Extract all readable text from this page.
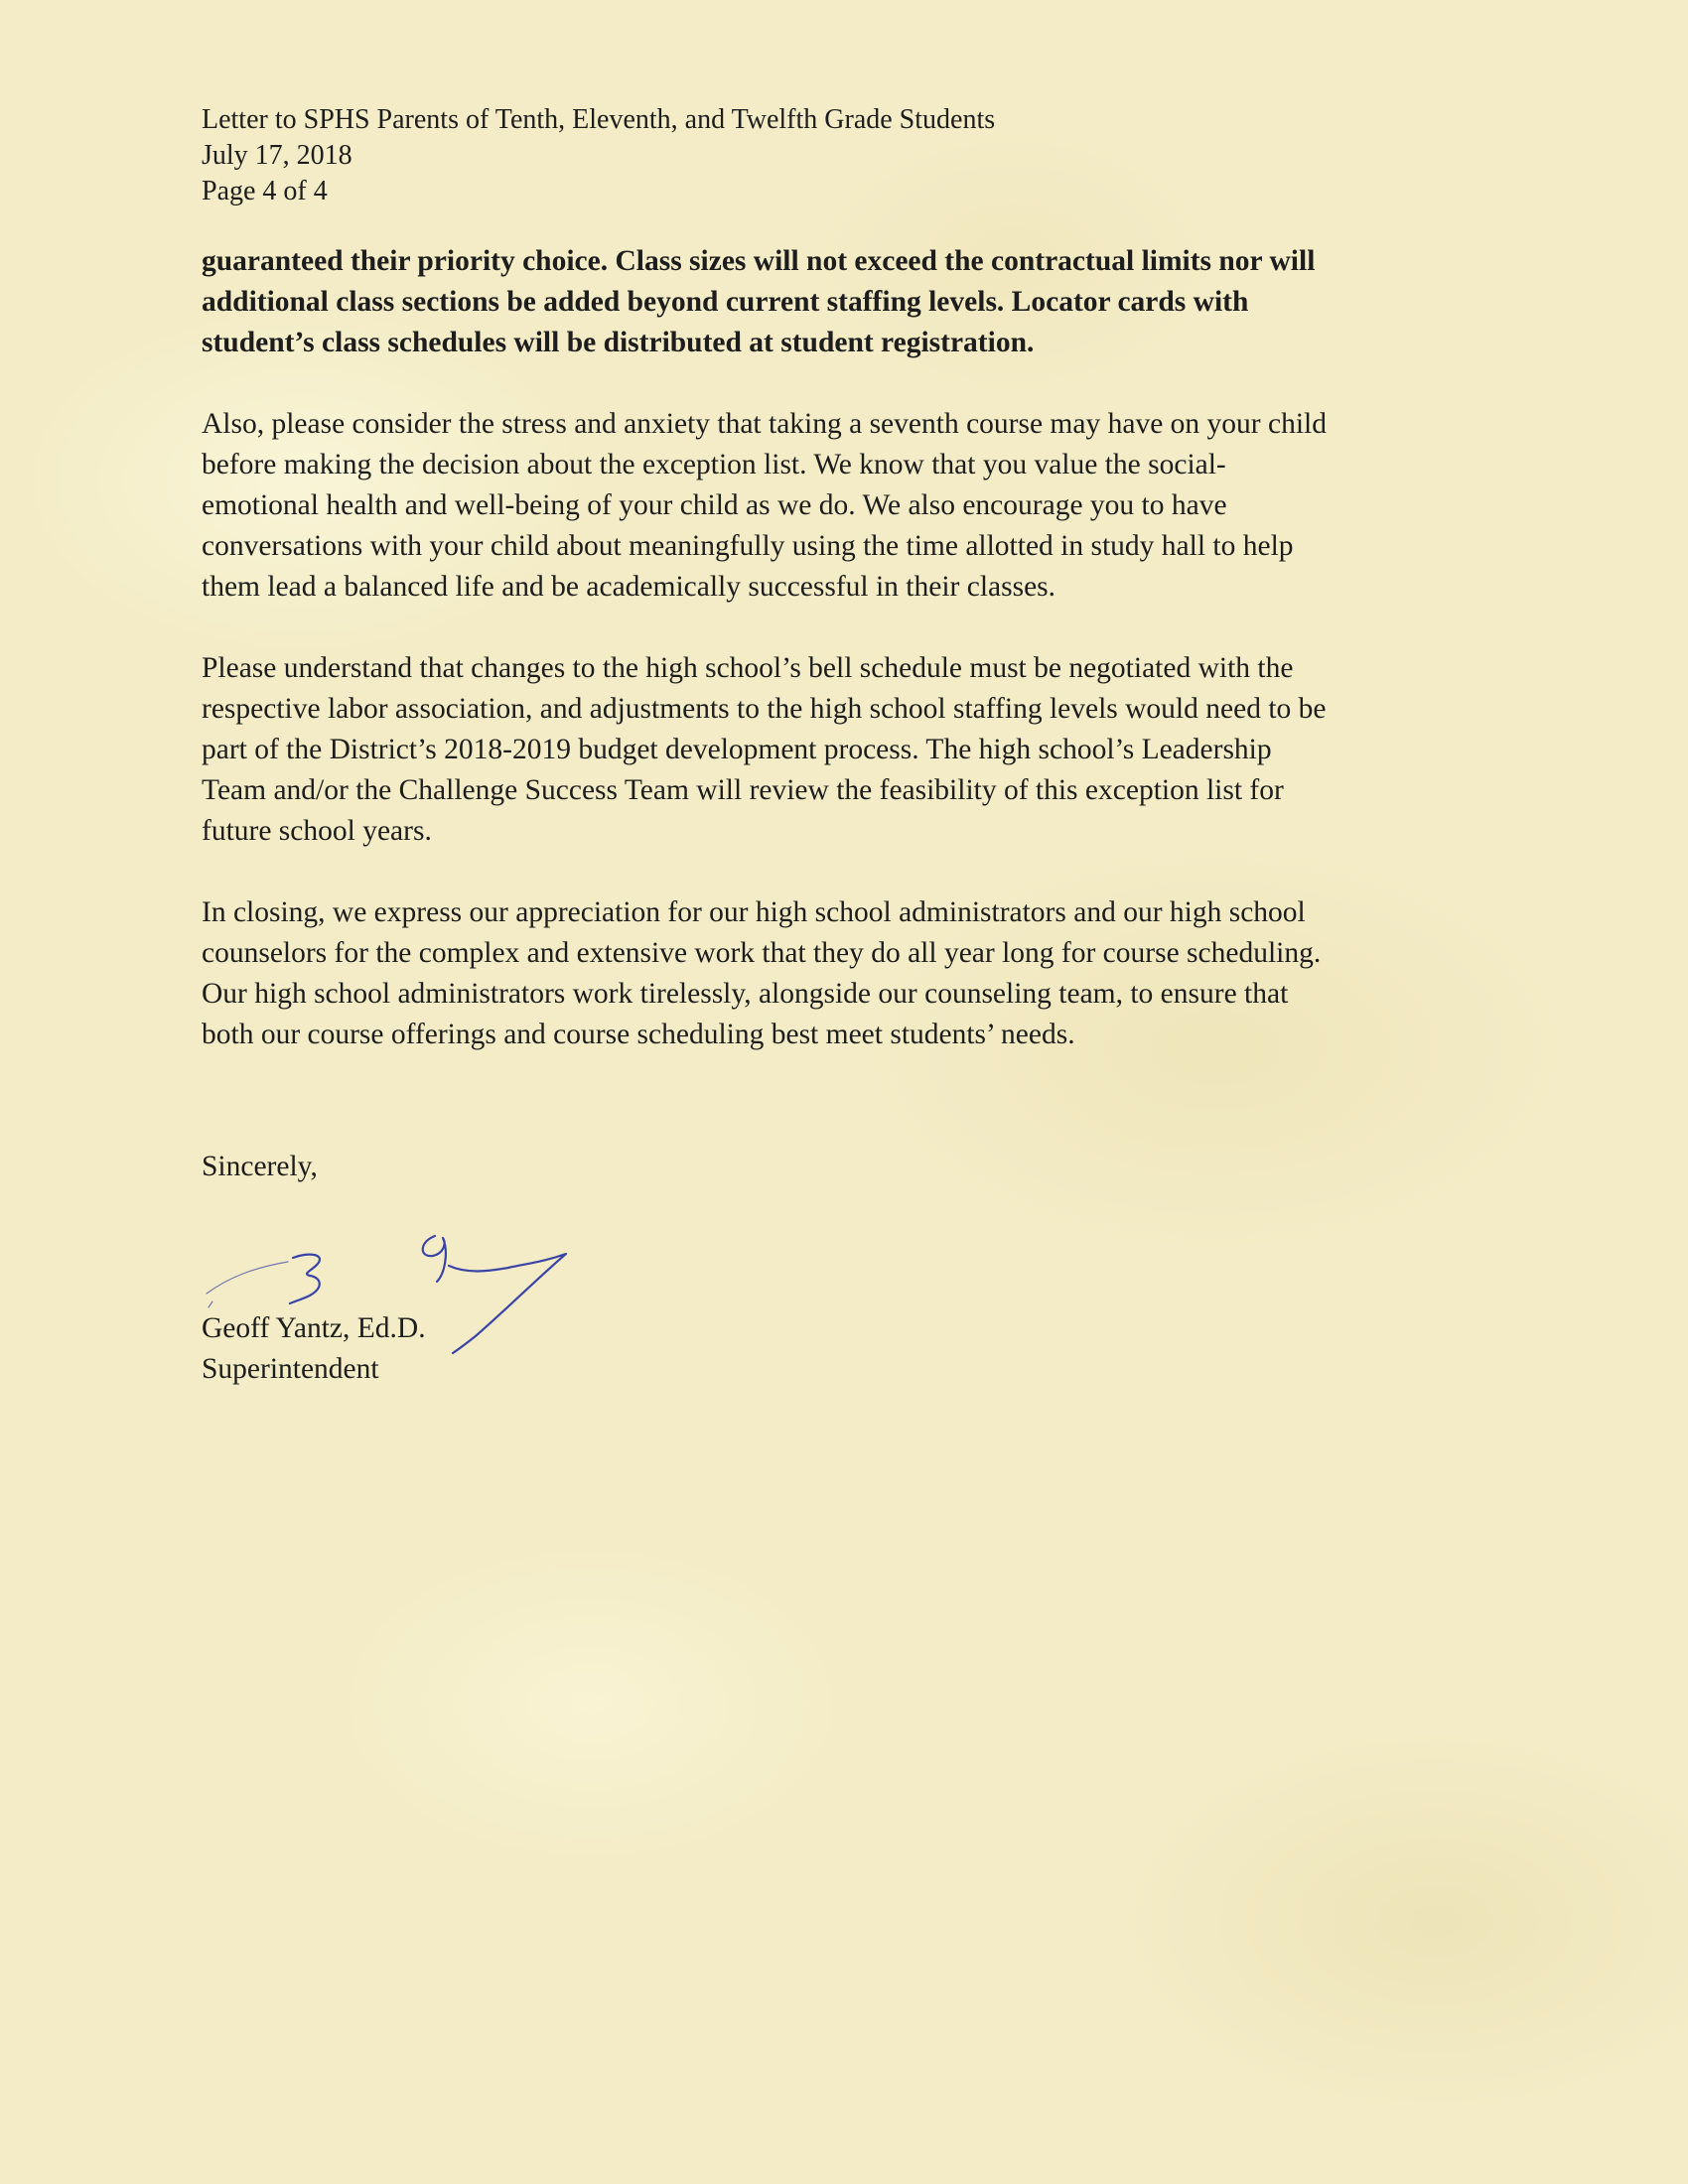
Letter to SPHS Parents of Tenth, Eleventh, and Twelfth Grade Students
July 17, 2018
Page 4 of 4

guaranteed their priority choice. Class sizes will not exceed the contractual limits nor will
additional class sections be added beyond current staffing levels. Locator cards with
student’s class schedules will be distributed at student registration.

Also, please consider the stress and anxiety that taking a seventh course may have on your child
before making the decision about the exception list. We know that you value the social-
emotional health and well-being of your child as we do. We also encourage you to have
conversations with your child about meaningfully using the time allotted in study hall to help
them lead a balanced life and be academically successful in their classes.

Please understand that changes to the high school’s bell schedule must be negotiated with the
respective labor association, and adjustments to the high school staffing levels would need to be
part of the District’s 2018-2019 budget development process. The high school’s Leadership
Team and/or the Challenge Success Team will review the feasibility of this exception list for
future school years.

In closing, we express our appreciation for our high school administrators and our high school
counselors for the complex and extensive work that they do all year long for course scheduling.
Our high school administrators work tirelessly, alongside our counseling team, to ensure that
both our course offerings and course scheduling best meet students’ needs.

Sincerely,
Geoff Yantz, Ed.D.
Superintendent
